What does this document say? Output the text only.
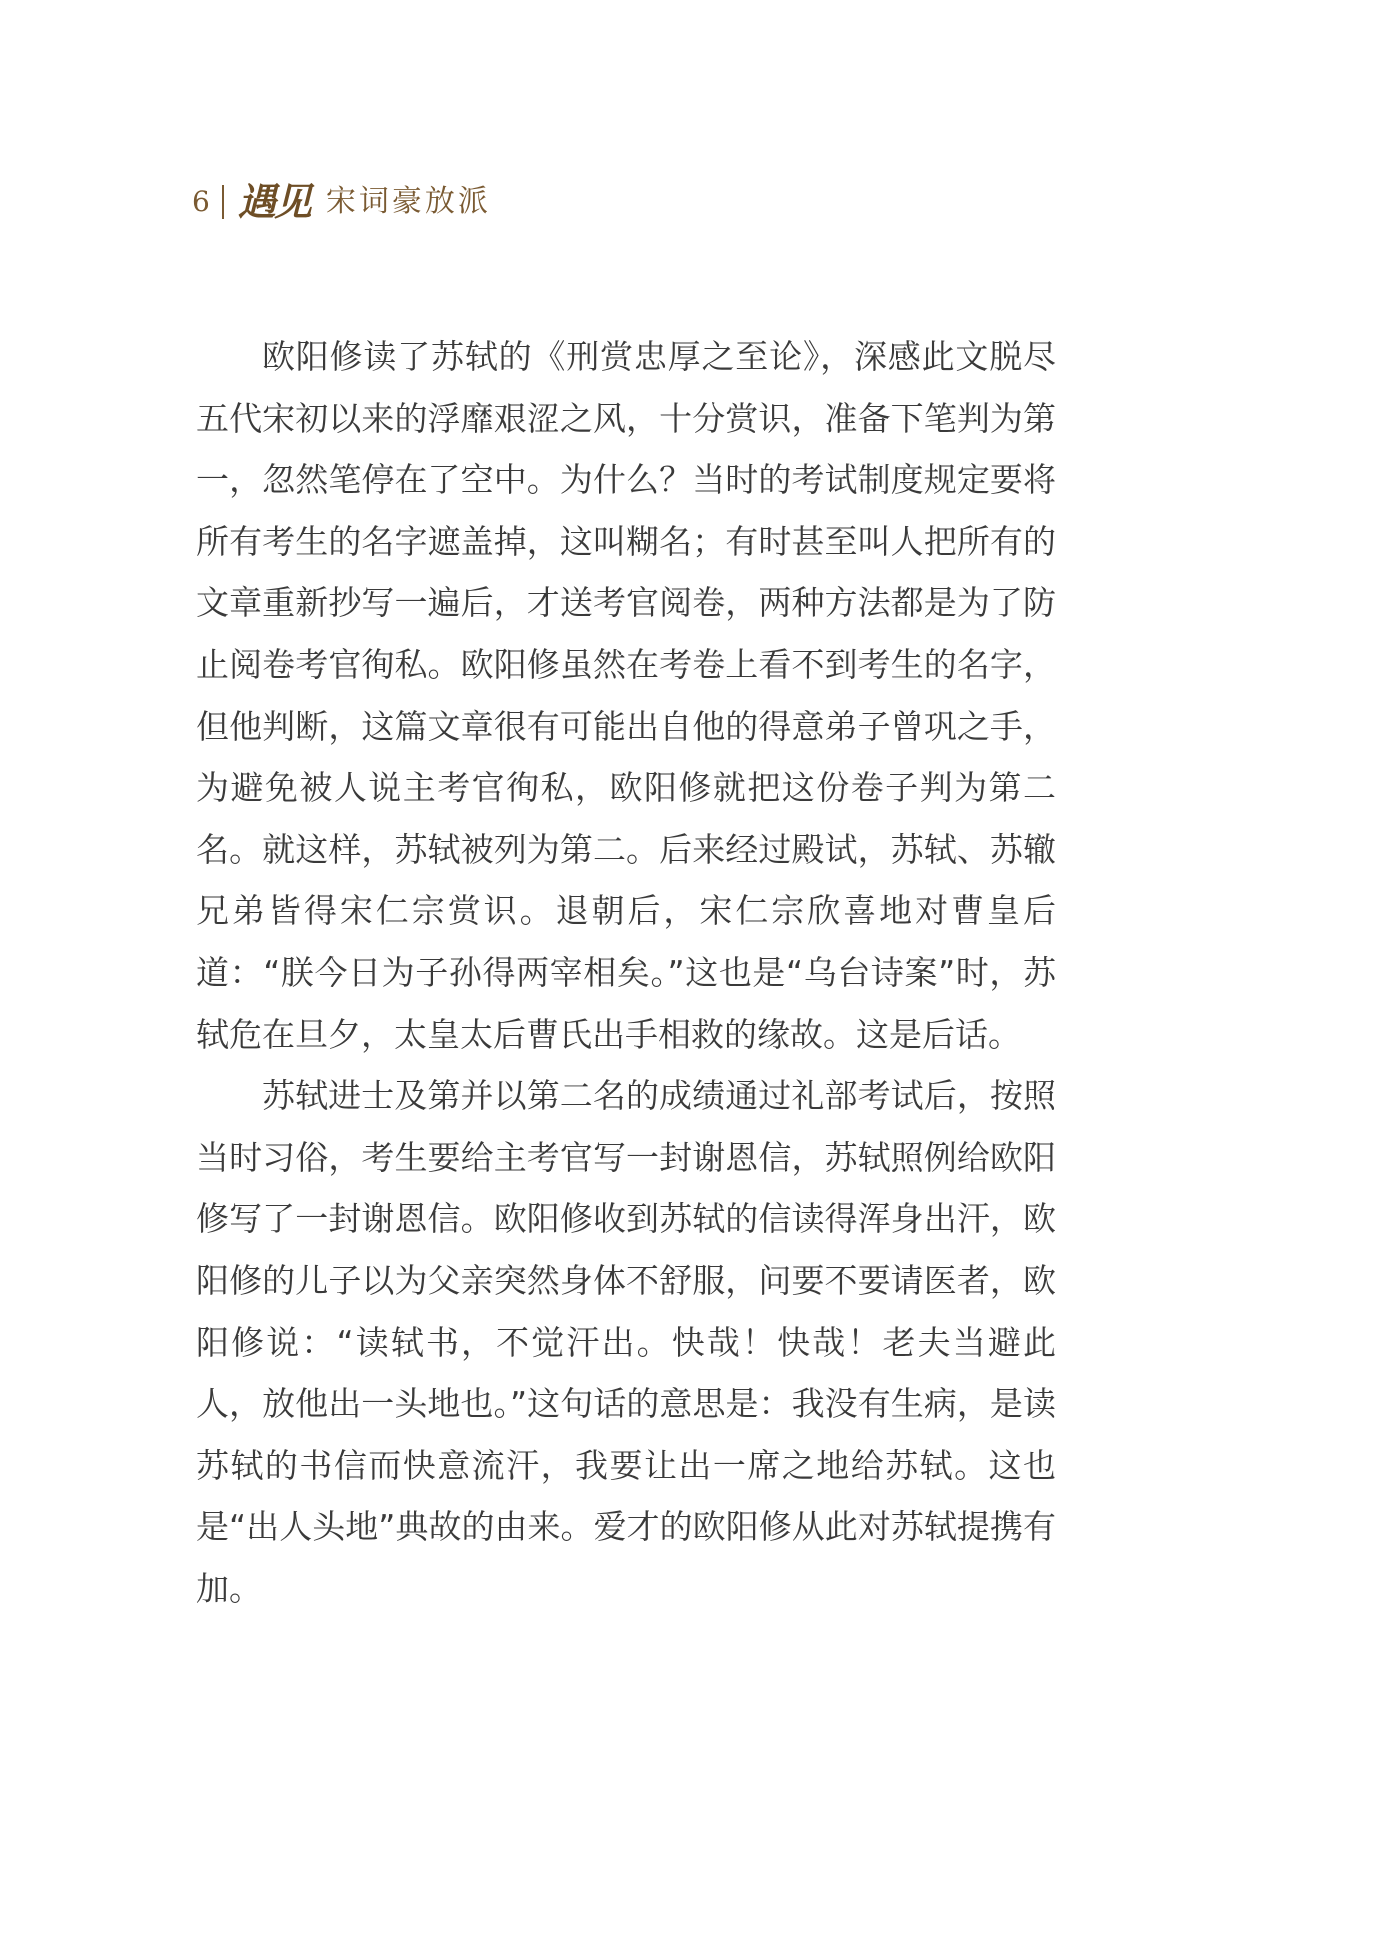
6 遇见 宋词豪放派

欧阳修读了苏轼的《刑赏忠厚之至论》，深感此文脱尽五代宋初以来的浮靡艰涩之风，十分赏识，准备下笔判为第一，忽然笔停在了空中。为什么？当时的考试制度规定要将所有考生的名字遮盖掉，这叫糊名；有时甚至叫人把所有的文章重新抄写一遍后，才送考官阅卷，两种方法都是为了防止阅卷考官徇私。欧阳修虽然在考卷上看不到考生的名字，但他判断，这篇文章很有可能出自他的得意弟子曾巩之手，为避免被人说主考官徇私，欧阳修就把这份卷子判为第二名。就这样，苏轼被列为第二。后来经过殿试，苏轼、苏辙兄弟皆得宋仁宗赏识。退朝后，宋仁宗欣喜地对曹皇后道：“朕今日为子孙得两宰相矣。”这也是“乌台诗案”时，苏轼危在旦夕，太皇太后曹氏出手相救的缘故。这是后话。

苏轼进士及第并以第二名的成绩通过礼部考试后，按照当时习俗，考生要给主考官写一封谢恩信，苏轼照例给欧阳修写了一封谢恩信。欧阳修收到苏轼的信读得浑身出汗，欧阳修的儿子以为父亲突然身体不舒服，问要不要请医者，欧阳修说：“读轼书，不觉汗出。快哉！快哉！老夫当避此人，放他出一头地也。”这句话的意思是：我没有生病，是读苏轼的书信而快意流汗，我要让出一席之地给苏轼。这也是“出人头地”典故的由来。爱才的欧阳修从此对苏轼提携有加。
